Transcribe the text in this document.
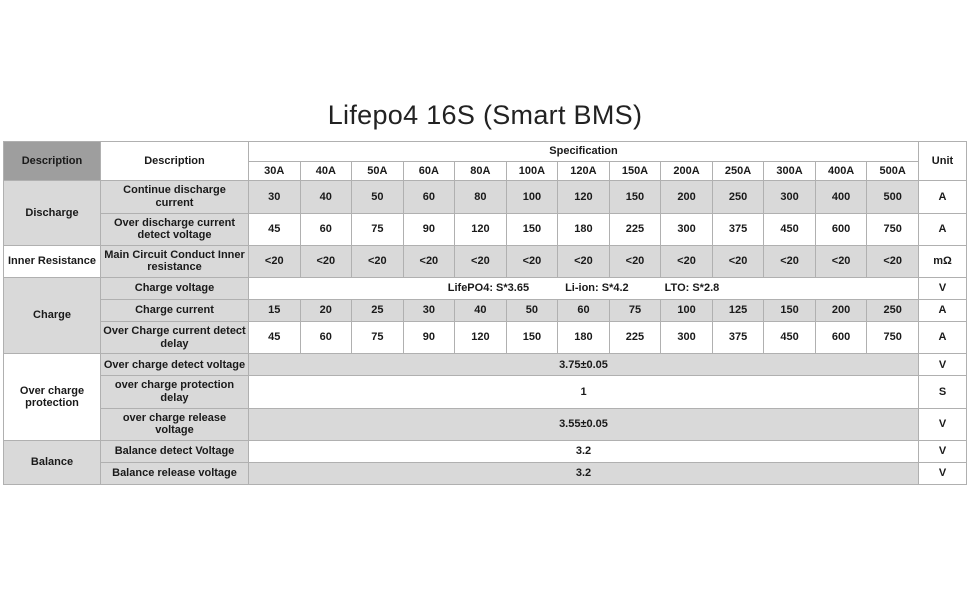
Lifepo4 16S (Smart BMS)
Description	Description	Specification													Unit
		30A	40A	50A	60A	80A	100A	120A	150A	200A	250A	300A	400A	500A	
Discharge	Continue discharge current	30	40	50	60	80	100	120	150	200	250	300	400	500	A
	Over discharge current detect voltage	45	60	75	90	120	150	180	225	300	375	450	600	750	A
Inner Resistance	Main Circuit Conduct Inner resistance	<20	<20	<20	<20	<20	<20	<20	<20	<20	<20	<20	<20	<20	mΩ
Charge	Charge voltage	LifePO4: S*3.65 Li-ion: S*4.2 LTO: S*2.8													V
	Charge current	15	20	25	30	40	50	60	75	100	125	150	200	250	A
	Over Charge current detect delay	45	60	75	90	120	150	180	225	300	375	450	600	750	A
Over charge protection	Over charge detect voltage	3.75±0.05													V
	over charge protection delay	1													S
	over charge release voltage	3.55±0.05													V
Balance	Balance detect Voltage	3.2													V
	Balance release voltage	3.2													V
